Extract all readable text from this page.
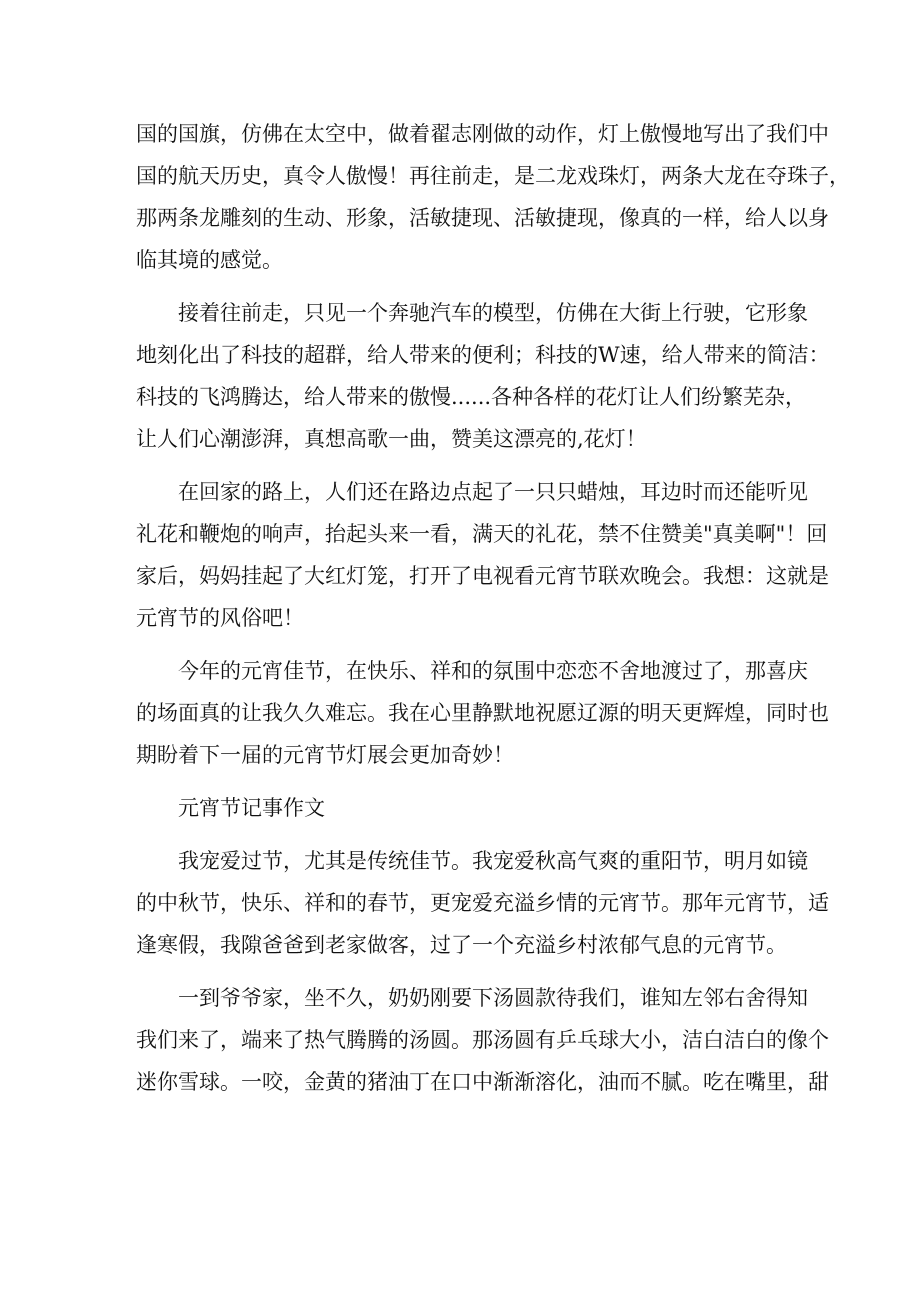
国的国旗，仿佛在太空中，做着翟志刚做的动作，灯上傲慢地写出了我们中
国的航天历史，真令人傲慢！再往前走，是二龙戏珠灯，两条大龙在夺珠子，
那两条龙雕刻的生动、形象，活敏捷现、活敏捷现，像真的一样，给人以身
临其境的感觉。
接着往前走，只见一个奔驰汽车的模型，仿佛在大街上行驶，它形象
地刻化出了科技的超群，给人带来的便利；科技的W速，给人带来的简洁：
科技的飞鸿腾达，给人带来的傲慢......各种各样的花灯让人们纷繁芜杂，
让人们心潮澎湃，真想高歌一曲，赞美这漂亮的,花灯！
在回家的路上，人们还在路边点起了一只只蜡烛，耳边时而还能听见
礼花和鞭炮的响声，抬起头来一看，满天的礼花，禁不住赞美"真美啊"！回
家后，妈妈挂起了大红灯笼，打开了电视看元宵节联欢晚会。我想：这就是
元宵节的风俗吧！
今年的元宵佳节，在快乐、祥和的氛围中恋恋不舍地渡过了，那喜庆
的场面真的让我久久难忘。我在心里静默地祝愿辽源的明天更辉煌，同时也
期盼着下一届的元宵节灯展会更加奇妙！
元宵节记事作文
我宠爱过节，尤其是传统佳节。我宠爱秋高气爽的重阳节，明月如镜
的中秋节，快乐、祥和的春节，更宠爱充溢乡情的元宵节。那年元宵节，适
逢寒假，我隙爸爸到老家做客，过了一个充溢乡村浓郁气息的元宵节。
一到爷爷家，坐不久，奶奶刚要下汤圆款待我们，谁知左邻右舍得知
我们来了，端来了热气腾腾的汤圆。那汤圆有乒乓球大小，洁白洁白的像个
迷你雪球。一咬，金黄的猪油丁在口中渐渐溶化，油而不腻。吃在嘴里，甜
